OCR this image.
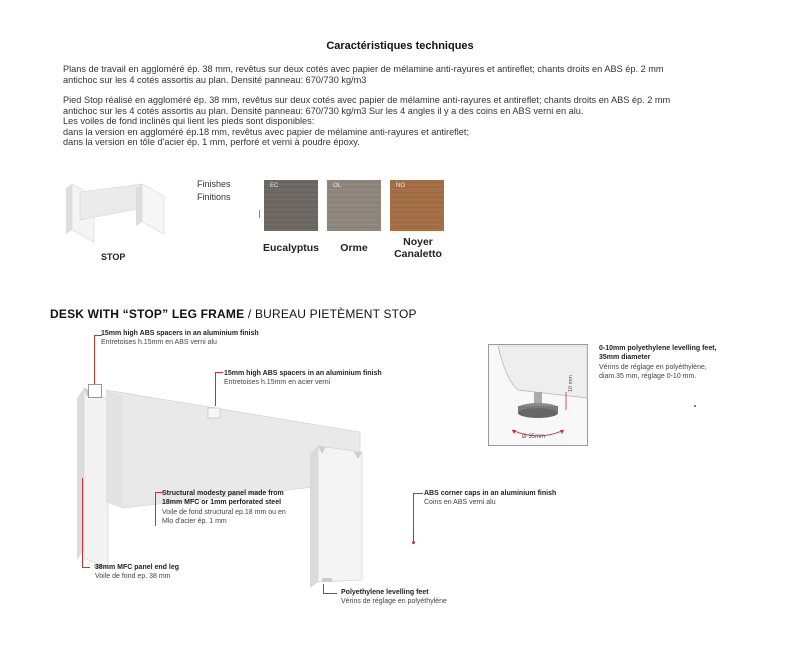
Caractéristiques techniques
Plans de travail en aggloméré ép. 38 mm, revêtus sur deux cotés avec papier de mélamine anti-rayures et antireflet; chants droits en ABS ép. 2 mm
antichoc sur les 4 cotés assortis au plan. Densité panneau: 670/730 kg/m3
Pied Stop réalisé en aggloméré ép. 38 mm, revêtus sur deux cotés avec papier de mélamine anti-rayures et antireflet; chants droits en ABS ép. 2 mm
antichoc sur les 4 cotés assortis au plan. Densité panneau: 670/730 kg/m3 Sur les 4 angles il y a des coins en ABS verni en alu.
Les voiles de fond inclinés qui lient les pieds sont disponibles:
dans la version en aggloméré ép.18 mm, revêtus avec papier de mélamine anti-rayures et antireflet;
dans la version en tôle d'acier ép. 1 mm, perforé et verni à poudre époxy.
STOP
Finishes
Finitions
EC	OL	NO
Eucalyptus	Orme	Noyer
Canaletto
DESK WITH “STOP” LEG FRAME / BUREAU PIETÈMENT STOP
15mm high ABS spacers in an aluminium finish
Entretoises h.15mm en ABS verni alu
15mm high ABS spacers in an aluminium finish
Entretoises h.15mm en acier verni
Structural modesty panel made from
18mm MFC or 1mm perforated steel
Voile de fond structural ep.18 mm ou en
Mlo d'acier ép. 1 mm
ABS corner caps in an aluminium finish
Coins en ABS verni alu
38mm MFC panel end leg
Voile de fond ep. 38 mm
Polyethylene levelling feet
Vérins de réglage en polyéthylène
10 mm
Ø 35mm
0-10mm polyethylene levelling feet,
35mm diameter
Vérins de réglage en polyéthylène,
diam.35 mm, réglage 0-10 mm.
